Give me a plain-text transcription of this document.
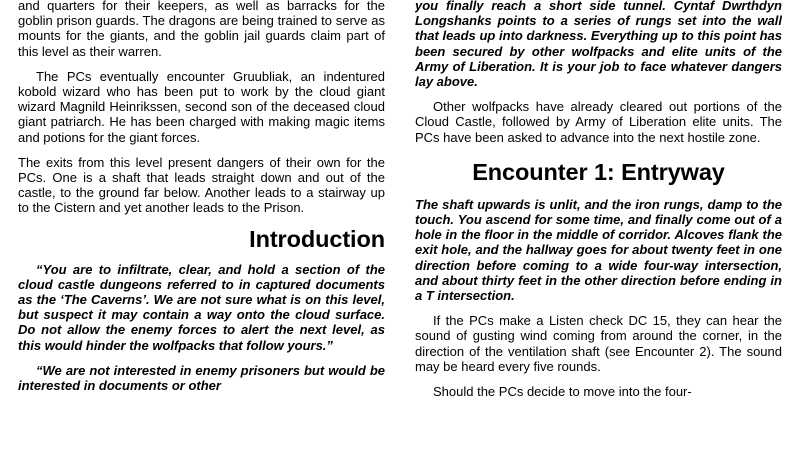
and quarters for their keepers, as well as barracks for the goblin prison guards. The dragons are being trained to serve as mounts for the giants, and the goblin jail guards claim part of this level as their warren.

The PCs eventually encounter Gruubliak, an indentured kobold wizard who has been put to work by the cloud giant wizard Magnild Heinrikssen, second son of the deceased cloud giant patriarch. He has been charged with making magic items and potions for the giant forces.

The exits from this level present dangers of their own for the PCs. One is a shaft that leads straight down and out of the castle, to the ground far below. Another leads to a stairway up to the Cistern and yet another leads to the Prison.

Introduction

“You are to infiltrate, clear, and hold a section of the cloud castle dungeons referred to in captured documents as the ‘The Caverns’. We are not sure what is on this level, but suspect it may contain a way onto the cloud surface. Do not allow the enemy forces to alert the next level, as this would hinder the wolfpacks that follow yours.”

“We are not interested in enemy prisoners but would be interested in documents or other

you finally reach a short side tunnel. Cyntaf Dwrthdyn Longshanks points to a series of rungs set into the wall that leads up into darkness. Everything up to this point has been secured by other wolfpacks and elite units of the Army of Liberation. It is your job to face whatever dangers lay above.

Other wolfpacks have already cleared out portions of the Cloud Castle, followed by Army of Liberation elite units. The PCs have been asked to advance into the next hostile zone.

Encounter 1: Entryway

The shaft upwards is unlit, and the iron rungs, damp to the touch. You ascend for some time, and finally come out of a hole in the floor in the middle of corridor. Alcoves flank the exit hole, and the hallway goes for about twenty feet in one direction before coming to a wide four-way intersection, and about thirty feet in the other direction before ending in a T intersection.

If the PCs make a Listen check DC 15, they can hear the sound of gusting wind coming from around the corner, in the direction of the ventilation shaft (see Encounter 2). The sound may be heard every five rounds.

Should the PCs decide to move into the four-
